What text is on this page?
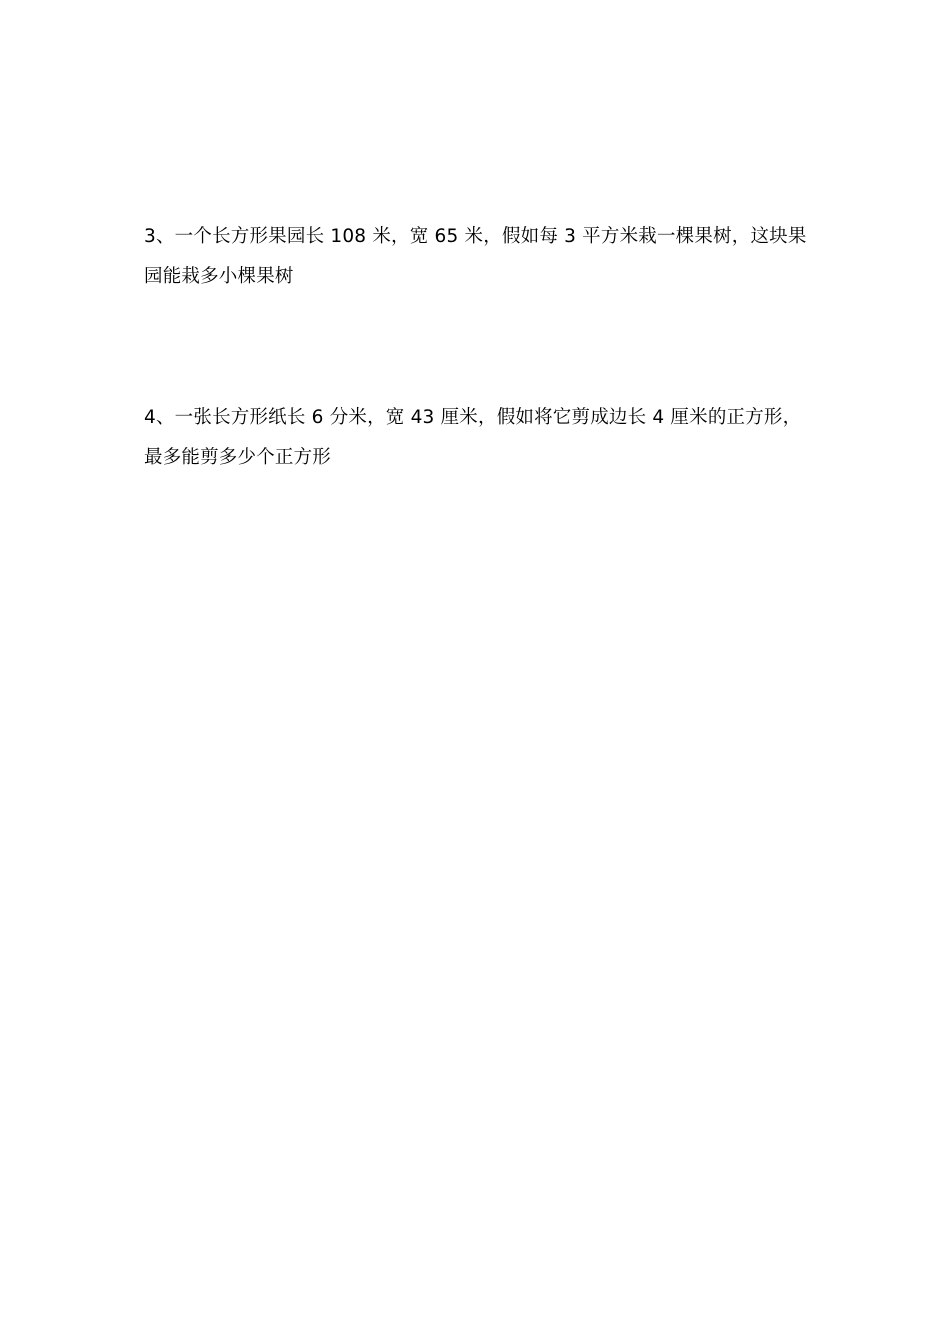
3、一个长方形果园长 108 米，宽 65 米，假如每 3 平方米栽一棵果树，这块果
园能栽多小棵果树
4、一张长方形纸长 6 分米，宽 43 厘米，假如将它剪成边长 4 厘米的正方形，
最多能剪多少个正方形
